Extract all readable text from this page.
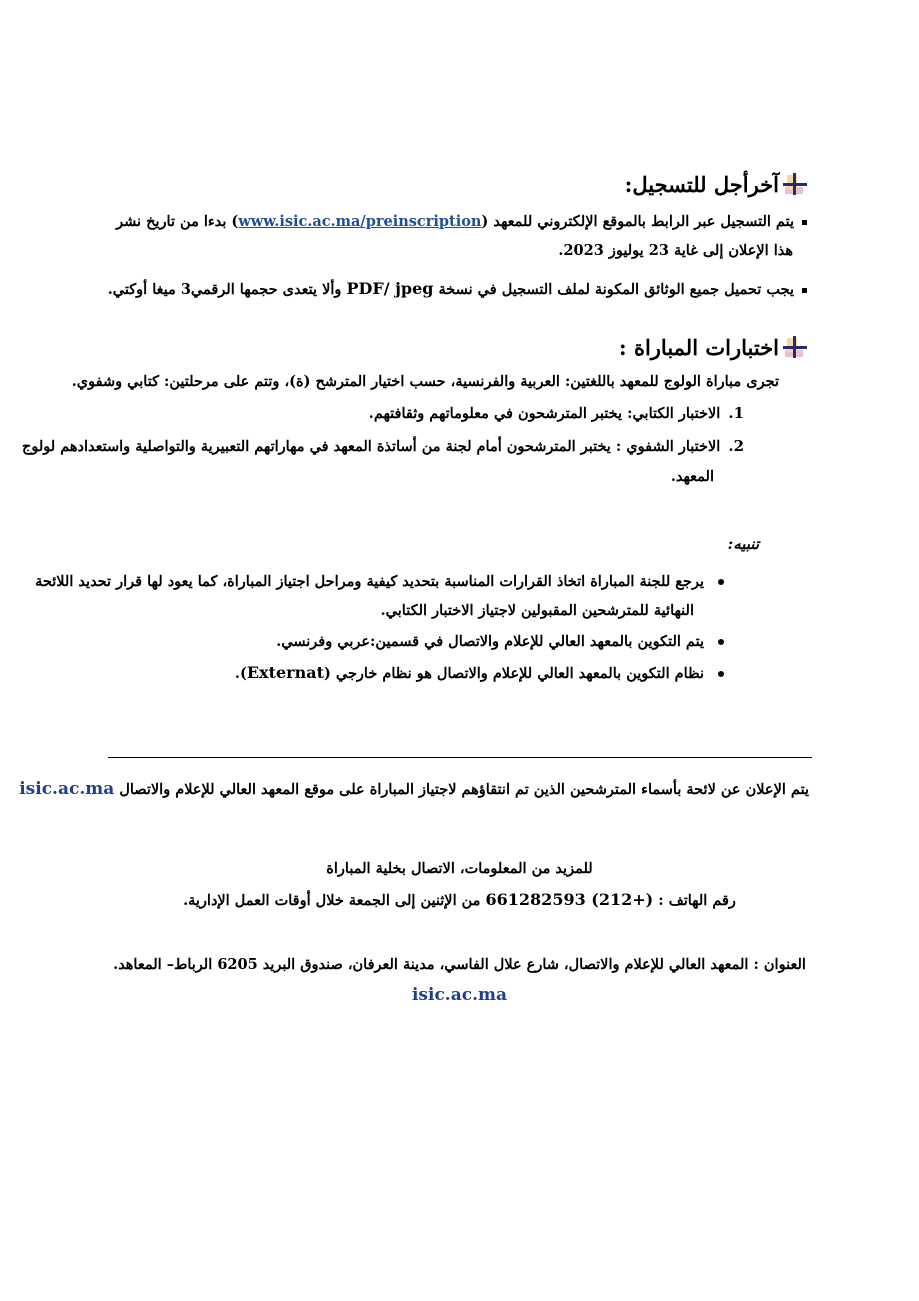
آخرأجل للتسجيل:
يتم التسجيل عبر الرابط بالموقع الإلكتروني للمعهد (www.isic.ac.ma/preinscription) بدءا من تاريخ نشر
هذا الإعلان إلى غاية 23 يوليوز 2023.
يجب تحميل جميع الوثائق المكونة لملف التسجيل في نسخة PDF/ jpeg وألا يتعدى حجمها الرقمي3 ميغا أوكتي.
اختبارات المباراة :
تجرى مباراة الولوج للمعهد باللغتين: العربية والفرنسية، حسب اختيار المترشح (ة)، وتتم على مرحلتين: كتابي وشفوي.
1.الاختبار الكتابي: يختبر المترشحون في معلوماتهم وثقافتهم.
2.الاختبار الشفوي : يختبر المترشحون أمام لجنة من أساتذة المعهد في مهاراتهم التعبيرية والتواصلية واستعدادهم لولوج
المعهد.
تنبيه:
يرجع للجنة المباراة اتخاذ القرارات المناسبة بتحديد كيفية ومراحل اجتياز المباراة، كما يعود لها قرار تحديد اللائحة
النهائية للمترشحين المقبولين لاجتياز الاختبار الكتابي.
يتم التكوين بالمعهد العالي للإعلام والاتصال في قسمين:عربي وفرنسي.
نظام التكوين بالمعهد العالي للإعلام والاتصال هو نظام خارجي (Externat).
يتم الإعلان عن لائحة بأسماء المترشحين الذين تم انتقاؤهم لاجتياز المباراة على موقع المعهد العالي للإعلام والاتصال isic.ac.ma
للمزيد من المعلومات، الاتصال بخلية المباراة
رقم الهاتف : 661282593 (212+) من الإثنين إلى الجمعة خلال أوقات العمل الإدارية.
العنوان : المعهد العالي للإعلام والاتصال، شارع علال الفاسي، مدينة العرفان، صندوق البريد 6205 الرباط– المعاهد.
isic.ac.ma
